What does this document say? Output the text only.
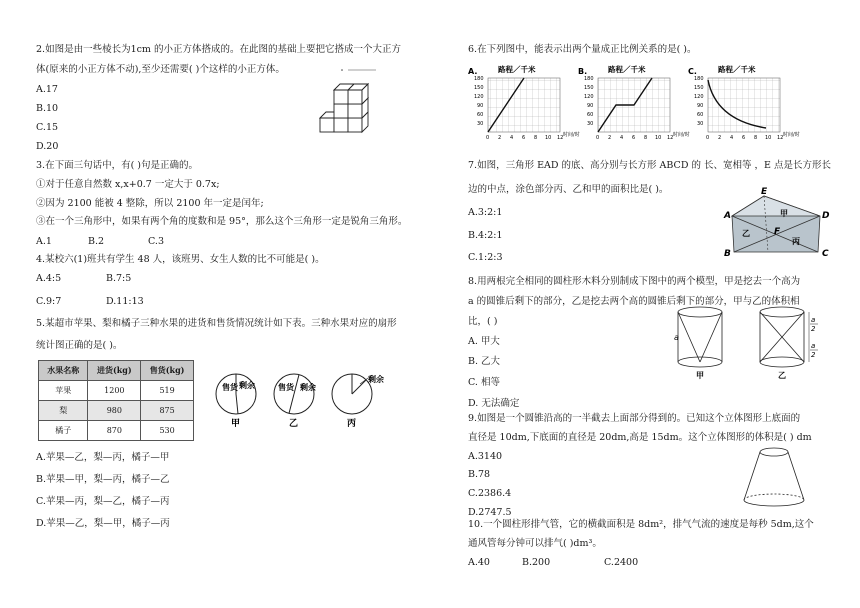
2.如图是由一些棱长为1cm 的小正方体搭成的。在此图的基础上要把它搭成一个大正方
体(原来的小正方体不动),至少还需要( )个这样的小正方体。
A.17
B.10
C.15
D.20
3.在下面三句话中，有( )句是正确的。
①对于任意自然数 x,x+0.7 一定大于 0.7x;
②因为 2100 能被 4 整除，所以 2100 年一定是闰年;
③在一个三角形中，如果有两个角的度数和是 95°，那么这个三角形一定是锐角三角形。
A.1	B.2	C.3
4.某校六(1)班共有学生 48 人，该班男、女生人数的比不可能是( )。
A.4:5	B.7:5
C.9:7	D.11:13
5.某超市苹果、梨和橘子三种水果的进货和售货情况统计如下表。三种水果对应的扇形
统计图正确的是( )。
水果名称	进货(kg)	售货(kg)
苹果	1200	519
梨	980	875
橘子	870	530
售货 剩余
甲
售货 剩余
乙
剩余
丙
A.苹果—乙，梨—丙，橘子—甲
B.苹果—甲，梨—丙，橘子—乙
C.苹果—丙，梨—乙，橘子—丙
D.苹果—乙，梨—甲，橘子—丙
6.在下列图中，能表示出两个量成正比例关系的是( )。
A.	路程／千米
180
150
120
90
60
30
0 2 4 6 8 10 12 时间/时
B.	路程／千米
180
150
120
90
60
30
0 2 4 6 8 10 12 时间/时
C.	路程／千米
180
150
120
90
60
30
0 2 4 6 8 10 12 时间/时
7.如图，三角形 EAD 的底、高分别与长方形 ABCD 的 长、宽相等 ，E 点是长方形长
边的中点，涂色部分丙、乙和甲的面积比是( )。
A.3:2:1
B.4:2:1
C.1:2:3
E
A	D
B	C
F
甲
乙
丙
8.用两根完全相同的圆柱形木料分别制成下图中的两个模型，甲是挖去一个高为
a 的圆锥后剩下的部分，乙是挖去两个高的圆锥后剩下的部分，甲与乙的体积相
比，( )
A. 甲大
B. 乙大
C. 相等
D. 无法确定
a
甲
a
2
a
2
乙
9.如图是一个圆锥沿高的一半截去上面部分得到的。已知这个立体图形上底面的
直径是 10dm,下底面的直径是 20dm,高是 15dm。这个立体图形的体积是( ) dm
A.3140
B.78
C.2386.4
D.2747.5
10.一个圆柱形排气管，它的横截面积是 8dm²，排气气流的速度是每秒 5dm,这个
通风管每分钟可以排气( )dm³。
A.40	B.200	C.2400
